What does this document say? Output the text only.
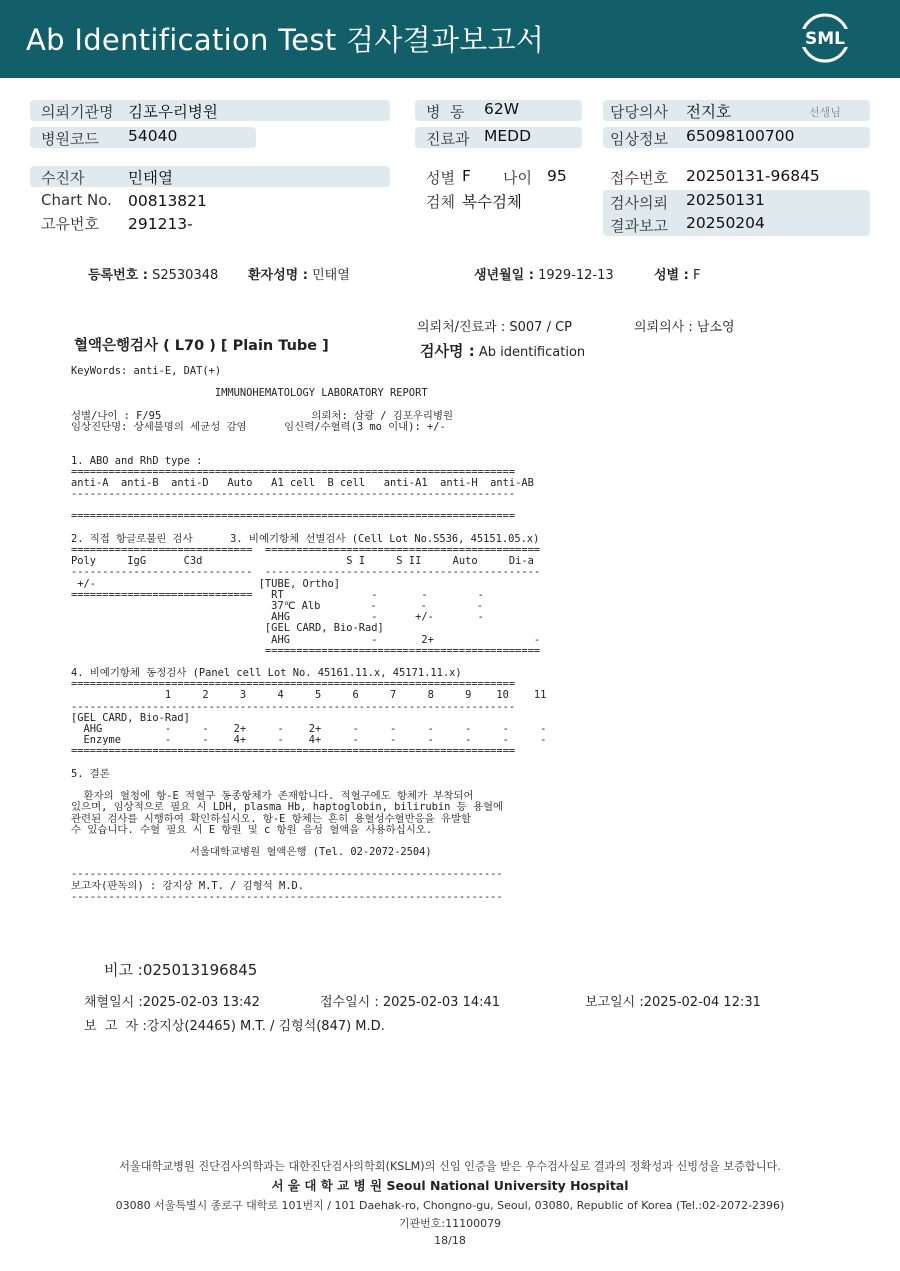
Ab Identification Test 검사결과보고서	SML
의뢰기관명 김포우리병원
병원코드 54040
병  동 62W
진료과 MEDD
담당의사 전지호	선생님
임상정보 65098100700
수진자	민태열
Chart No. 00813821
고유번호 291213-
성별 F 나이 95
검체 복수검체
접수번호 20250131-96845
검사의뢰 20250131
결과보고 20250204
등록번호 : S2530348 환자성명 : 민태열	생년월일 : 1929-12-13	성별 : F
의뢰처/진료과 : S007 / CP	의뢰의사 : 남소영
혈액은행검사 ( L70 ) [ Plain Tube ]	검사명 : Ab identification
KeyWords: anti-E, DAT(+)
IMMUNOHEMATOLOGY LABORATORY REPORT
성별/나이 : F/95                        의뢰처: 삼광 / 김포우리병원
임상진단명: 상세불명의 세균성 감염      임신력/수혈력(3 mo 이내): +/-
1. ABO and RhD type :
=======================================================================
anti-A  anti-B  anti-D   Auto   A1 cell  B cell   anti-A1  anti-H  anti-AB
-----------------------------------------------------------------------
=======================================================================
2. 직접 항글로불린 검사      3. 비예기항체 선별검사 (Cell Lot No.S536, 45151.05.x)
=============================  ============================================
Poly     IgG      C3d                       S I     S II     Auto     Di-a
-----------------------------  --------------------------------------------
+/-                          [TUBE, Ortho]
=============================   RT              -       -        -
37℃ Alb        -       -        -
AHG             -      +/-       -
[GEL CARD, Bio-Rad]
AHG             -       2+                -
============================================
4. 비예기항체 동정검사 (Panel cell Lot No. 45161.11.x, 45171.11.x)
=======================================================================
1     2     3     4     5     6     7     8     9    10    11
-----------------------------------------------------------------------
[GEL CARD, Bio-Rad]
AHG          -     -    2+     -    2+     -     -     -     -     -     -
Enzyme       -     -    4+     -    4+     -     -     -     -     -     -
=======================================================================
5. 결론
환자의 혈청에 항-E 적혈구 동종항체가 존재합니다. 적혈구에도 항체가 부착되어
있으며, 임상적으로 필요 시 LDH, plasma Hb, haptoglobin, bilirubin 등 용혈에
관련된 검사를 시행하여 확인하십시오. 항-E 항체는 흔히 용혈성수혈반응을 유발할
수 있습니다. 수혈 필요 시 E 항원 및 c 항원 음성 혈액을 사용하십시오.
서울대학교병원 혈액은행 (Tel. 02-2072-2504)
---------------------------------------------------------------------
보고자(판독의) : 강지상 M.T. / 김형석 M.D.
---------------------------------------------------------------------
비고 :025013196845
채혈일시 :2025-02-03 13:42	접수일시 : 2025-02-03 14:41	보고일시 :2025-02-04 12:31
보  고  자 :강지상(24465) M.T. / 김형석(847) M.D.
서울대학교병원 진단검사의학과는 대한진단검사의학회(KSLM)의 신임 인증을 받은 우수검사실로 결과의 정확성과 신빙성을 보증합니다.
서 울 대 학 교 병 원 Seoul National University Hospital
03080 서울특별시 종로구 대학로 101번지 / 101 Daehak-ro, Chongno-gu, Seoul, 03080, Republic of Korea (Tel.:02-2072-2396)
기관번호:11100079
18/18
